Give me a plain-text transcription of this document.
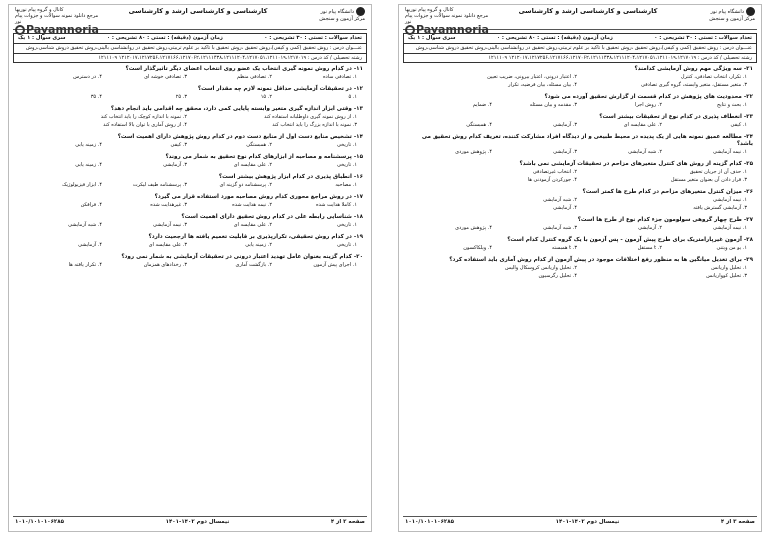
کانال و گروه پیام نوریها
مرجع دانلود نمونه سوالات و جزوات پیام نور
Payamnoria
کارشناسی و کارشناسی ارشد و کارشناسی	دانشگاه پیام نور
مرکز آزمون و سنجش
تعداد سوالات : تستی : ۳۰ تشریحی : ۰
زمان آزمون (دقیقه) : تستی : ۸۰ تشریحی : ۰
سری سوال : ۱ یک
عنـــوان درس : روش تحقیق (کمی و کیفی)،روش تحقیق ،روش تحقیق با تاکید بر علوم تربیتی،روش تحقیق در روانشناسی بالینی،روش تحقیق دروش شناسی،روش
رشته تحصیلی / کد درس : ۱۲۱۲۰۱۷،۱۲۱۷۲۵۶،۱۲۱۷۱۶۶،۱۲۱۷۰۶۲،۱۲۱۱۱۴۳۸،۱۲۱۱۱۲۰۴،۱۲۱۷۰۵۱،۱۲۱۱۰۱۹،۱۲۱۷۰۱۹ ۱۲۱۱۱۰۹
۱۱- در کدام روش نمونه گیری انتخاب یک عضو روی انتخاب اعضای دیگر تاثیرگذار است؟
۱. تصادفی ساده
۲. تصادفی منظم
۳. تصادفی خوشه ای
۴. در دسترس
۱۲- در تحقیقات آزمایشی حداقل نمونه لازم چه مقدار است؟
۱. ۵
۲. ۱۵
۳. ۲۵
۴. ۳۵
۱۳- وقتی ابزار اندازه گیری متغیر وابسته پایایی کمی دارد، محقق چه اقدامی باید انجام دهد؟
۱. از روش نمونه گیری داوطلبانه استفاده کند
۲. نمونه با اندازه کوچک را باید انتخاب کند
۳. نمونه با اندازه بزرگ را باید انتخاب کند
۴. از روش آماری با توان بالا استفاده کند
۱۴- تشخیص منابع دست اول از منابع دست دوم در کدام روش پژوهش دارای اهمیت است؟
۱. تاریخی
۲. همبستگی
۳. کیفی
۴. زمینه یابی
۱۵- پرسشنامه و مصاحبه از ابزارهای کدام نوع تحقیق به شمار می روند؟
۱. تاریخی
۲. علی مقایسه ای
۳. آزمایشی
۴. زمینه یابی
۱۶- انطباق پذیری در کدام ابزار پژوهش بیشتر است؟
۱. مصاحبه
۲. پرسشنامه دو گزینه ای
۳. پرسشنامه طیف لیکرت
۴. ابزار فیزیولوژیک
۱۷- در روش مراجع محوری کدام روش مصاحبه مورد استفاده قرار می گیرد؟
۱. کاملا هدایت شده
۲. نیمه هدایت شده
۳. غیرهدایت شده
۴. فرافکن
۱۸- شناسایی رابطه علی در کدام روش تحقیق دارای اهمیت است؟
۱. تاریخی
۲. علی مقایسه ای
۳. نیمه آزمایشی
۴. شبه آزمایشی
۱۹- در کدام روش تحقیقی، تکرارپذیری بر قابلیت تعمیم یافته ها ارجحیت دارد؟
۱. تاریخی
۲. زمینه یابی
۳. علی مقایسه ای
۴. آزمایشی
۲۰- کدام گزینه بعنوان عامل تهدید اعتبار درونی در تحقیقات آزمایشی به شمار نمی رود؟
۱. اجرای پیش آزمون
۲. بازگشت آماری
۳. رخدادهای همزمان
۴. تکرار یافته ها
۱۰۱۰/۱۰۱۰۱۰۶۲۸۵	نیمسال دوم ۱۴۰۲-۱۴۰۱	صفحه ۲ از ۴
کانال و گروه پیام نوریها
مرجع دانلود نمونه سوالات و جزوات پیام نور
Payamnoria
کارشناسی و کارشناسی ارشد و کارشناسی	دانشگاه پیام نور
مرکز آزمون و سنجش
تعداد سوالات : تستی : ۳۰ تشریحی : ۰
زمان آزمون (دقیقه) : تستی : ۸۰ تشریحی : ۰
سری سوال : ۱ یک
عنـــوان درس : روش تحقیق (کمی و کیفی)،روش تحقیق ،روش تحقیق با تاکید بر علوم تربیتی،روش تحقیق در روانشناسی بالینی،روش تحقیق دروش شناسی،روش
رشته تحصیلی / کد درس : ۱۲۱۲۰۱۷،۱۲۱۷۲۵۶،۱۲۱۷۱۶۶،۱۲۱۷۰۶۲،۱۲۱۱۱۴۳۸،۱۲۱۱۱۲۰۴،۱۲۱۷۰۵۱،۱۲۱۱۰۱۹،۱۲۱۷۰۱۹ ۱۲۱۱۱۰۹
۲۱- سه ویژگی مهم روش آزمایشی کدامند؟
۱. تکرار، انتخاب تصادفی، کنترل
۲. اعتبار درونی، اعتبار بیرونی، ضریب تعیین
۳. متغیر مستقل، متغیر وابسته، گروه گیری تصادفی
۴. بیان مسئله، بیان فرضیه، تکرار
۲۲- محدودیت های پژوهش در کدام قسمت از گزارش تحقیق آورده می شود؟
۱. بحث و نتایج
۲. روش اجرا
۳. مقدمه و بیان مسئله
۴. ضمایم
۲۳- انعطاف پذیری در کدام نوع از تحقیقات بیشتر است؟
۱. کیفی
۲. علی مقایسه ای
۳. آزمایشی
۴. همبستگی
۲۴- مطالعه عمیق نمونه هایی از یک پدیده در محیط طبیعی و از دیدگاه افراد مشارکت کننده، تعریف کدام روش تحقیق می باشد؟
۱. نیمه آزمایشی
۲. شبه آزمایشی
۳. آزمایشی
۴. پژوهش موردی
۲۵- کدام گزینه از روش های کنترل متغیرهای مزاحم در تحقیقات آزمایشی نمی باشد؟
۱. حذف آن از جریان تحقیق
۲. انتخاب غیرتصادفی
۳. قرار دادن آن بعنوان متغیر مستقل
۴. جورکردن آزمودنی ها
۲۶- میزان کنترل متغیرهای مزاحم در کدام طرح ها کمتر است؟
۱. نیمه آزمایشی
۲. شبه آزمایشی
۳. آزمایشی گسترش یافته
۴. آزمایشی
۲۷- طرح چهار گروهی سولومون جزء کدام نوع از طرح ها است؟
۱. نیمه آزمایشی
۲. آزمایشی
۳. شبه آزمایشی
۴. پژوهش موردی
۲۸- آزمون غیرپارامتریک برای طرح پیش آزمون - پس آزمون با یک گروه کنترل کدام است؟
۱. یو من ویتنی
۲. t مستقل
۳. t همبسته
۴. ویلکاکسون
۲۹- برای تعدیل میانگین ها به منظور رفع اختلافات موجود در پیش آزمون از کدام روش آماری باید استفاده کرد؟
۱. تحلیل واریانس
۲. تحلیل واریانس کروسکال والیس
۳. تحلیل کوواریانس
۴. تحلیل رگرسیون
۱۰۱۰/۱۰۱۰۱۰۶۲۸۵	نیمسال دوم ۱۴۰۲-۱۴۰۱	صفحه ۳ از ۴
